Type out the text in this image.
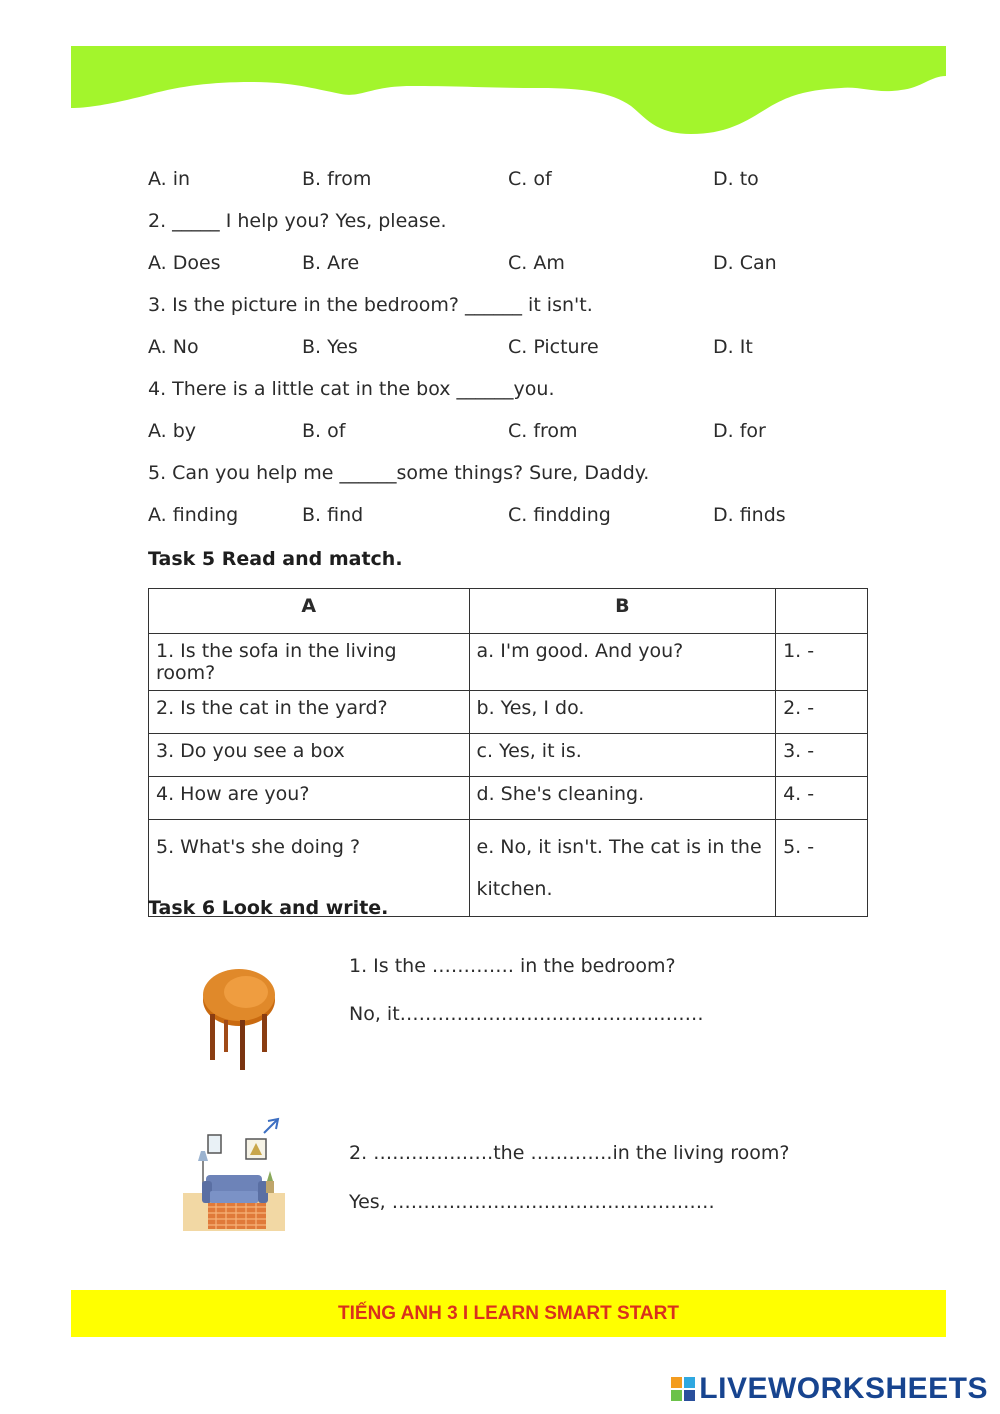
A. in	B. from	C. of	D. to
2. _____ I help you? Yes, please.
A. Does	B. Are	C. Am	D. Can
3. Is the picture in the bedroom? ______ it isn't.
A. No	B. Yes	C. Picture	D. It
4. There is a little cat in the box ______you.
A. by	B. of	C. from	D. for
5. Can you help me ______some things? Sure, Daddy.
A. finding	B. find	C. findding	D. finds
Task 5 Read and match.
A	B	
1. Is the sofa in the living room?	a. I'm good. And you?	1. -
2. Is the cat in the yard?	b. Yes, I do.	2. -
3. Do you see a box	c. Yes, it is.	3. -
4. How are you?	d. She's cleaning.	4. -
5. What's she doing ?	e. No, it isn't. The cat is in the kitchen.	5. -
Task 6 Look and write.
1. Is the …………. in the bedroom?
No, it…………………………………………
2. ……………….the ………….in the living room?
Yes, ……………………………………………
TIẾNG ANH 3 I LEARN SMART START
LIVEWORKSHEETS
